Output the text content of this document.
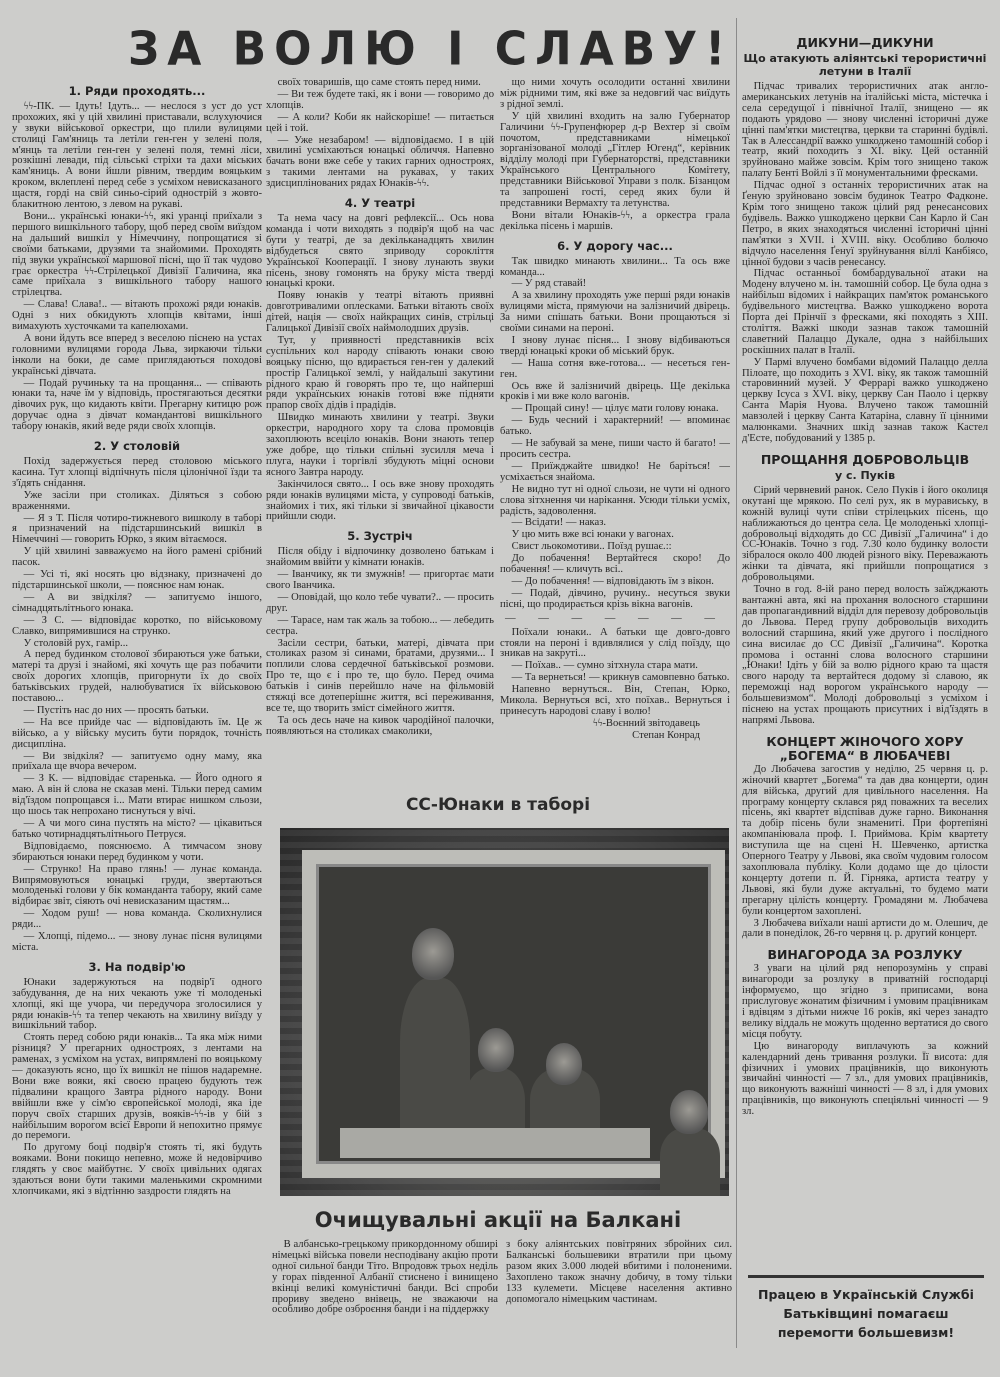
ЗА ВОЛЮ І СЛАВУ!
1. Ряди проходять...

ϟϟ-ПК. — Ідуть! Ідуть... — неслося з уст до уст прохожих, які у цій хвилині приставали, вслухуючися у звуки військової оркестри, що плили вулицями столиці Гам'яниць та летіли ген-ген у зелені поля, м'янць та летіли ген-ген у зелені поля, темні ліси, розкішні левади, під сільські стріхи та дахи міських кам'яниць. А вони йшли рівним, твердим вояцьким кроком, вклеплені перед себе з усміхом невисказаного щастя, горді на свій синьо-сірий однострій з жовто-блакитною лентою, з левом на рукаві.

Вони... українські юнаки-ϟϟ, які уранці приїхали з першого вишкільного табору, щоб перед своїм виїздом на дальший вишкіл у Німеччину, попрощатися зі своїми батьками, друзями та знайомими. Проходять під звуки української маршової пісні, що її так чудово грає оркестра ϟϟ-Стрілецької Дивізії Галичина, яка саме приїхала з вишкільного табору нашого стрілецтва.

— Слава! Слава!.. — вітають прохожі ряди юнаків. Одні з них обкидують хлопців квітами, інші вимахують хусточками та капелюхами.

А вони йдуть все вперед з веселою піснею на устах головними вулицями города Льва, зиркаючи тільки інколи на боки, де саме приглядаються походові українські дівчата.

— Подай ручиньку та на прощання... — співають юнаки та, наче їм у відповідь, простягаються десятки дівочих рук, що кидають квіти. Прегарну китицю рож доручає одна з дівчат командантові вишкільного табору юнаків, який веде ряди своїх хлопців.

2. У столовій

Похід задержується перед столовою міського касина. Тут хлопці відпічнуть після цілонічної їзди та з'їдять снідання.

Уже засіли при столиках. Діляться з собою враженнями.

— Я з Т. Після чотиро-тижневого вишколу в таборі я призначений на підстаршинський вишкіл в Німеччині — говорить Юрко, з яким вітаємося.

У цій хвилині завважуємо на його рамені срібний пасок.

— Усі ті, які носять цю відзнаку, призначені до підстаршинської школи, — пояснює нам юнак.

— А ви звідкіля? — запитуємо іншого, сімнадцятьлітнього юнака.

— З С. — відповідає коротко, по військовому Славко, випрямившися на струнко.

У столовій рух, гамір...

А перед будинком столової збираються уже батьки, матері та друзі і знайомі, які хочуть ще раз побачити своїх дорогих хлопців, пригорнути їх до своїх батьківських грудей, налюбуватися їх військовою поставою...

— Пустіть нас до них — просять батьки.

— На все прийде час — відповідають їм. Це ж військо, а у війську мусить бути порядок, точність дисципліна.

— Ви звідкіля? — запитуємо одну маму, яка приїхала ще вчора вечером.

— З К. — відповідає старенька. — Його одного я маю. А він й слова не сказав мені. Тільки перед самим від'їздом попрощався і... Мати втирає нишком сльози, що шось так непрохано тиснуться у вічі.

— А чи мого сина пустять на місто? — цікавиться батько чотирнадцятьлітнього Петруся.

Відповідаємо, пояснюємо. А тимчасом знову збираються юнаки перед будинком у чоти.

— Струнко! На право глянь! — лунає команда. Випрямовуються юнацькі груди, звертаються молоденькі голови у бік команданта табору, який саме відбирає звіт, сіяють очі невисказаним щастям...

— Ходом руш! — нова команда. Сколихнулися ряди...

— Хлопці, підемо... — знову лунає пісня вулицями міста.

3. На подвір'ю

Юнаки задержуються на подвір'ї одного забудування, де на них чекають уже ті молоденькі хлопці, які ще учора, чи передучора зголосилися у ряди юнаків-ϟϟ та тепер чекають на хвилину виїзду у вишкільний табор.

Стоять перед собою ряди юнаків... Та яка між ними різниця? У прегарних одностроях, з лентами на раменах, з усміхом на устах, випрямлені по вояцькому — доказують ясно, що їх вишкіл не пішов надаремне. Вони вже вояки, які своєю працею будують теж підвалини кращого Завтра рідного народу. Вони ввійшли вже у сім'ю європейської молоді, яка іде поруч своїх старших друзів, вояків-ϟϟ-ів у бій з найбільшим ворогом всієї Европи й непохитно прямує до перемоги.

По другому боці подвір'я стоять ті, які будуть вояками. Вони покищо непевно, може й недовірчиво глядять у своє майбутнє. У своїх цивільних одягах здаються вони бути такими маленькими скромними хлопчиками, які з відтінню заздрости глядять на

своїх товаришів, що саме стоять перед ними.

— Ви теж будете такі, як і вони — говоримо до хлопців.

— А коли? Коби як найскоріше! — питається цей і той.

— Уже незабаром! — відповідаємо. І в цій хвилині усміхаються юнацькі обличчя. Напевно бачать вони вже себе у таких гарних одностроях, з такими лентами на рукавах, у таких здисциплінованих рядах Юнаків-ϟϟ.

4. У театрі

Та нема часу на довгі рефлексії... Ось нова команда і чоти виходять з подвір'я щоб на час бути у театрі, де за декільканадцять хвилин відбудеться свято зприводу сорокліття Української Кооперації. І знову лунають звуки пісень, знову гомонять на бруку міста тверді юнацькі кроки.

Появу юнаків у театрі вітають приявні довготривалими оплесками. Батьки вітають своїх дітей, нація — своїх найкращих синів, стрільці Галицької Дивізії своїх наймолодших друзів.

Тут, у приявності представників всіх суспільних кол народу співають юнаки свою вояцьку пісню, що вдирається ген-ген у далекий простір Галицької землі, у найдальші закутини рідного краю й говорять про те, що найперші ряди українських юнаків готові вже підняти прапор своїх дідів і прадідів.

Швидко минають хвилини у театрі. Звуки оркестри, народного хору та слова промовців захоплюють всеціло юнаків. Вони знають тепер уже добре, що тільки спільні зусилля меча і плуга, науки і торгівлі збудують міцні основи ясного Завтра народу.

Закінчилося свято... І ось вже знову проходять ряди юнаків вулицями міста, у супроводі батьків, знайомих і тих, які тільки зі звичайної цікавости прийшли сюди.

5. Зустріч

Після обіду і відпочинку дозволено батькам і знайомим ввійти у кімнати юнаків.

— Іванчику, як ти змужнів! — пригортає мати свого Іванчика.

— Оповідай, що коло тебе чувати?.. — просить друг.

— Тарасе, нам так жаль за тобою... — лебедить сестра.

Засіли сестри, батьки, матері, дівчата при столиках разом зі синами, братами, друзями... І поплили слова сердечної батьківської розмови. Про те, що є і про те, що було. Перед очима батьків і синів перейшло наче на фільмовій стяжці все дотеперішнє життя, всі переживання, все те, що творить зміст сімейного життя.

Та ось десь наче на кивок чародійної палочки, появляються на столиках смаколики,

що ними хочуть осолодити останні хвилини між рідними тим, які вже за недовгий час виїдуть з рідної землі.

У цій хвилині входить на залю Губернатор Галичини ϟϟ-Групенфюрер д-р Вехтер зі своїм почотом, представниками німецької зорганізованої молоді „Гітлер Югенд“, керівник відділу молоді при Губернаторстві, представники Українського Центрального Комітету, представники Військової Управи з полк. Бізанцом та запрошені гості, серед яких були й представники Вермахту та летунства.

Вони вітали Юнаків-ϟϟ, а оркестра грала декілька пісень і маршів.

6. У дорогу час...

Так швидко минають хвилини... Та ось вже команда...

— У ряд ставай!

А за хвилину проходять уже перші ряди юнаків вулицями міста, прямуючи на залізничий двірець. За ними спішать батьки. Вони прощаються зі своїми синами на пероні.

І знову лунає пісня... І знову відбиваються тверді юнацькі кроки об міський брук.

— Наша сотня вже-готова... — несеться ген-ген.

Ось вже й залізничий двірець. Ще декілька кроків і ми вже коло вагонів.

— Прощай сину! — цілує мати голову юнака.

— Будь чесний і характерний! — впоминає батько.

— Не забувай за мене, пиши часто й багато! — просить сестра.

— Приїжджайте швидко! Не баріться! — усміхається знайома.

Не видно тут ні одної сльози, не чути ні одного слова зітхнення чи нарікання. Усюди тільки усміх, радість, задоволення.

— Всідати! — наказ.

У цю мить вже всі юнаки у вагонах.

Свист льокомотиви.. Поїзд рушає.::

До побачення! Вертайтеся скоро! До побачення! — кличуть всі..

— До побачення! — відповідають їм з вікон.

— Подай, дівчино, ручину.. несуться звуки пісні, що продирається крізь вікна вагонів.

— — — — — — —

Поїхали юнаки.. А батьки ще довго-довго стояли на пероні і вдивлялися у слід поїзду, що зникав на закруті...

— Поїхав.. — сумно зітхнула стара мати.

— Та вернеться! — крикнув самовпевно батько.

Напевно вернуться.. Він, Степан, Юрко, Микола. Вернуться всі, хто поїхав.. Вернуться і принесуть народові славу і волю!

ϟϟ-Воєнний звітодавець

Степан Конрад

ДИКУНИ—ДИКУНИ
Що атакують аліянтські терористичні летуни в Італії

Підчас тривалих терористичних атак англо-американських летунів на італійські міста, містечка і села середущої і північної Італії, знищено — як подають урядово — знову численні історичні дуже цінні пам'ятки мистецтва, церкви та старинні будівлі. Так в Алессандрії важко ушкоджено тамошній собор і театр, який походить з XI. віку. Цей останній зруйновано майже зовсім. Крім того знищено також палату Бенті Войлі з її монументальними фресками.

Підчас одної з останніх терористичних атак на Ґеную зруйновано зовсім будинок Театро Фадконе. Крім того знищено також цілий ряд ренесансових будівель. Важко ушкоджено церкви Сан Карло й Сан Петро, в яких знаходяться численні історичні цінні пам'ятки з XVII. і XVIII. віку. Особливо болючо відчуло населення Ґенуї зруйнування віллі Канбіясо, цінної будови з часів ренесансу.

Підчас останньої бомбардувальної атаки на Модену влучено м. ін. тамошній собор. Це була одна з найбільш відомих і найкращих пам'яток романського будівельного мистецтва. Важко ушкоджено ворота Порта деі Прінчії з фресками, які походять з XIII. століття. Важкі шкоди зазнав також тамошній славетний Палаццо Дукале, одна з найбільших роскішних палат в Італії.

У Пармі влучено бомбами відомий Палаццо делла Пілоате, що походить з XVI. віку, як також тамошній старовинний музей. У Феррарі важко ушкоджено церкву Ісуса з XVI. віку, церкву Сан Паоло і церкву Санта Марія Нуова. Влучено також тамошній мавзолей і церкву Санта Катаріна, славну її цінними малюнками. Значних шкід зазнав також Кастел д'Есте, побудований у 1385 р.

ПРОЩАННЯ ДОБРОВОЛЬЦІВ
у с. Пуків

Сірий червневий ранок. Село Пуків і його околиця окутані ще мрякою. По селі рух, як в муравиську, в кожній вулиці чути співи стрілецьких пісень, що наближаються до центра села. Це молоденькі хлопці-добровольці відходять до СС Дивізії „Галичина“ і до СС-Юнаків. Точно з год. 7.30 коло будинку волости зібралося около 400 людей різного віку. Переважають жінки та дівчата, які прийшли попрощатися з добровольцями.

Точно в год. 8-ій рано перед волость заїжджають вантажні авта, які на прохання волосного старшини дав пропагандивний відділ для перевозу добровольців до Львова. Перед групу добровольців виходить волосний старшина, який уже другого і послідного сина висилає до СС Дивізії „Галичина“. Коротка промова і останні слова волосного старшини „Юнаки! Ідіть у бій за волю рідного краю та щастя свого народу та вертайтеся додому зі славою, як переможці над ворогом українського народу — большевизмом“. Молоді добровольці з усміхом і піснею на устах прощають присутних і від'їздять в напрямі Львова.

КОНЦЕРТ ЖІНОЧОГО ХОРУ „БОГЕМА“ В ЛЮБАЧЕВІ

До Любачева загостив у неділю, 25 червня ц. р. жіночий квартет „Богема“ та дав два концерти, один для війська, другий для цивільного населення. На програму концерту склався ряд поважних та веселих пісень, які квартет відспівав дуже гарно. Виконання та добір пісень були знамениті. При фортепіяні акомпаніювала проф. І. Приймова. Крім квартету виступила ще на сцені Н. Шевченко, артистка Оперного Театру у Львові, яка своїм чудовим голосом захоплювала публіку. Коли додамо ще до цілости концерту дотепи п. Й. Гірняка, артиста театру у Львові, які були дуже актуальні, то будемо мати прегарну цілість концерту. Громадяни м. Любачева були концертом захоплені.

З Любачева виїхали наші артисти до м. Олешич, де дали в понеділок, 26-го червня ц. р. другий концерт.

ВИНАГОРОДА ЗА РОЗЛУКУ

З уваги на цілий ряд непорозумінь у справі винагороди за розлуку в приватній господарці інформуємо, що згідно з приписами, вона прислуговує жонатим фізичним і умовим працівникам і вдівцям з дітьми нижче 16 років, які через занадто велику віддаль не можуть щоденно вертатися до свого місця побуту.

Цю винагороду виплачують за кожний календарний день тривання розлуки. Її висота: для фізичних і умових працівників, що виконують звичайні чинності — 7 зл., для умових працівників, що виконують важніші чинності — 8 зл, і для умових працівників, що виконують спеціяльні чинності — 9 зл.

СС-Юнаки в таборі
Очищувальні акції на Балкані

В албансько-грецькому прикордонному обширі німецькі війська повели несподівану акцію проти одної сильної банди Тіто. Впродовж трьох неділь у горах південної Албанії стиснено і винищено вкінці великі комуністичні банди. Всі спроби прориву зведено внівець, не зважаючи на особливо добре озброєння банди і на піддержку

з боку аліянтських повітряних збройних сил. Балканські большевики втратили при цьому разом яких 3.000 людей вбитими і полоненими. Захоплено також значну добичу, в тому тільки 133 кулемети. Місцеве населення активно допомогало німецьким частинам.	Працею в Українській Службі Батьківщині помагаєш перемогти большевизм!
